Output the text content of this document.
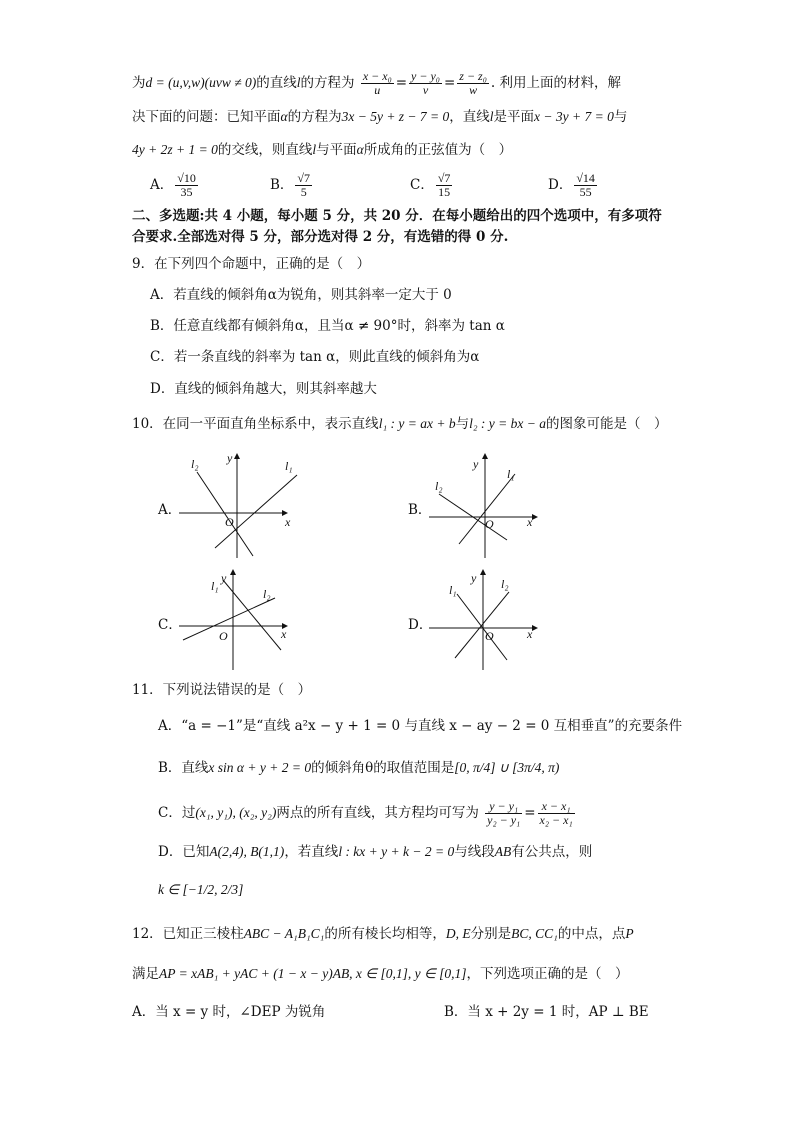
为d = (u,v,w)(uvw ≠ 0)的直线l的方程为 $\frac{\text{x − x₀}}{u} = \frac{\text{y − y₀}}{v} = \frac{\text{z − z₀}}{w}$ . 利用上面的材料，解
决下面的问题：已知平面α的方程为3x − 5y + z − 7 = 0，直线l是平面x − 3y + 7 = 0与
4y + 2z + 1 = 0的交线，则直线l与平面α所成角的正弦值为（　）
A． $\frac{√10}{35}$	B． $\frac{√7}{5}$	C． $\frac{√7}{15}$	D． $\frac{√14}{55}$
二、多选题:共 4 小题，每小题 5 分，共 20 分．在每小题给出的四个选项中，有多项符
合要求.全部选对得 5 分，部分选对得 2 分，有选错的得 0 分.
9．在下列四个命题中，正确的是（　）
A．若直线的倾斜角α为锐角，则其斜率一定大于 0
B．任意直线都有倾斜角α，且当α ≠ 90°时，斜率为 tan α
C．若一条直线的斜率为 tan α，则此直线的倾斜角为α
D．直线的倾斜角越大，则其斜率越大
10．在同一平面直角坐标系中，表示直线l₁ : y = ax + b与l₂ : y = bx − a的图象可能是（　）
A．	B．
C．	D．
x
y
O
l₁
l₂
x
y
O
l₁
l₂
x
y
O
l₁
l₂
x
y
O
l₁	l₂
11．下列说法错误的是（　）
A．“a = −1”是“直线 a²x − y + 1 = 0 与直线 x − ay − 2 = 0 互相垂直”的充要条件
B．直线x sin α + y + 2 = 0的倾斜角θ的取值范围是[0, π/4] ∪ [3π/4, π)
C．过(x₁, y₁), (x₂, y₂)两点的所有直线，其方程均可写为 $\frac{\text{y − y₁}}{\text{y₂ − y₁}} = \frac{\text{x − x₁}}{\text{x₂ − x₁}}$
D．已知A(2,4), B(1,1)，若直线l : kx + y + k − 2 = 0与线段AB有公共点，则
k ∈ [−1/2, 2/3]
12．已知正三棱柱ABC − A₁B₁C₁的所有棱长均相等，D, E分别是BC, CC₁的中点，点P
满足AP = xAB₁ + yAC + (1 − x − y)AB, x ∈ [0,1], y ∈ [0,1]，下列选项正确的是（　）
A．当 x = y 时，∠DEP 为锐角	B．当 x + 2y = 1 时，AP ⊥ BE
